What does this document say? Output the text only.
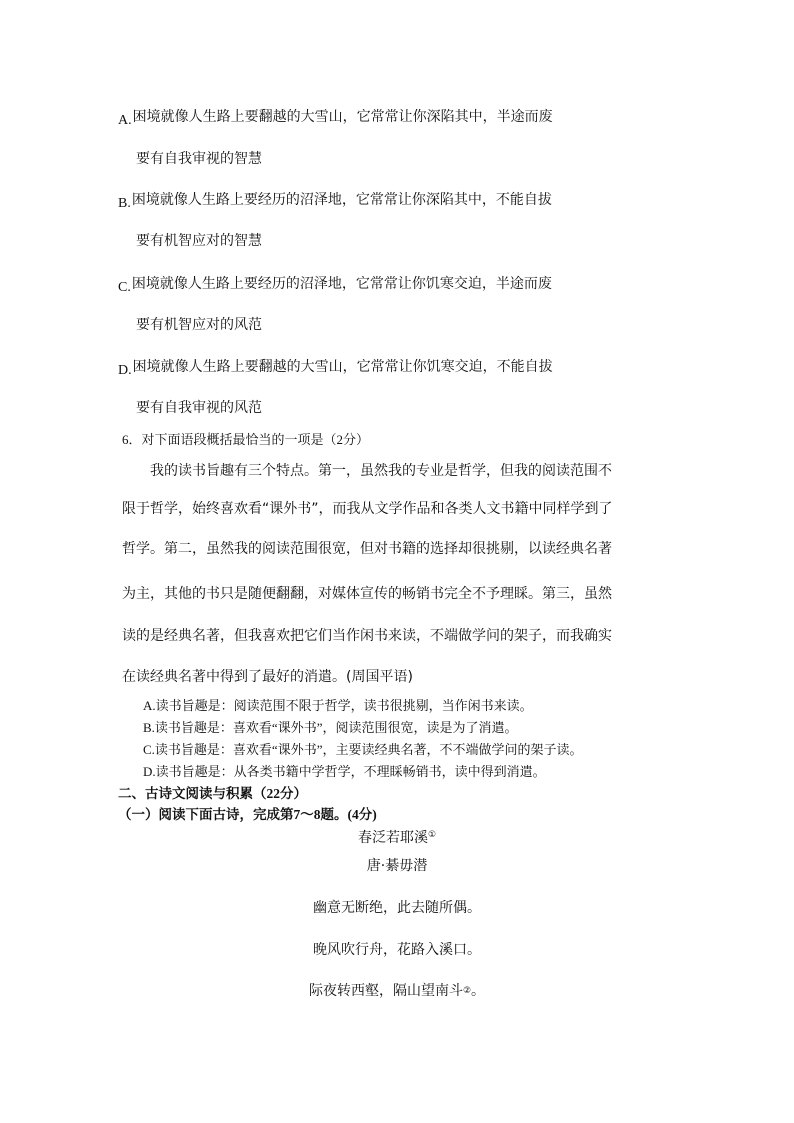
A.困境就像人生路上要翻越的大雪山，它常常让你深陷其中，半途而废
要有自我审视的智慧
B.困境就像人生路上要经历的沼泽地，它常常让你深陷其中，不能自拔
要有机智应对的智慧
C.困境就像人生路上要经历的沼泽地，它常常让你饥寒交迫，半途而废
要有机智应对的风范
D.困境就像人生路上要翻越的大雪山，它常常让你饥寒交迫，不能自拔
要有自我审视的风范
6．对下面语段概括最恰当的一项是（2分）
我的读书旨趣有三个特点。第一，虽然我的专业是哲学，但我的阅读范围不
限于哲学，始终喜欢看“课外书”，而我从文学作品和各类人文书籍中同样学到了
哲学。第二，虽然我的阅读范围很宽，但对书籍的选择却很挑剔，以读经典名著
为主，其他的书只是随便翻翻，对媒体宣传的畅销书完全不予理睬。第三，虽然
读的是经典名著，但我喜欢把它们当作闲书来读，不端做学问的架子，而我确实
在读经典名著中得到了最好的消遣。(周国平语)
A.读书旨趣是：阅读范围不限于哲学，读书很挑剔，当作闲书来读。
B.读书旨趣是：喜欢看“课外书”，阅读范围很宽，读是为了消遣。
C.读书旨趣是：喜欢看“课外书”，主要读经典名著，不不端做学问的架子读。
D.读书旨趣是：从各类书籍中学哲学，不理睬畅销书，读中得到消遣。
二、古诗文阅读与积累（22分）
（一）阅读下面古诗，完成第7～8题。(4分)
春泛若耶溪①
唐·綦毋潜
幽意无断绝，此去随所偶。
晚风吹行舟，花路入溪口。
际夜转西壑，隔山望南斗②。
